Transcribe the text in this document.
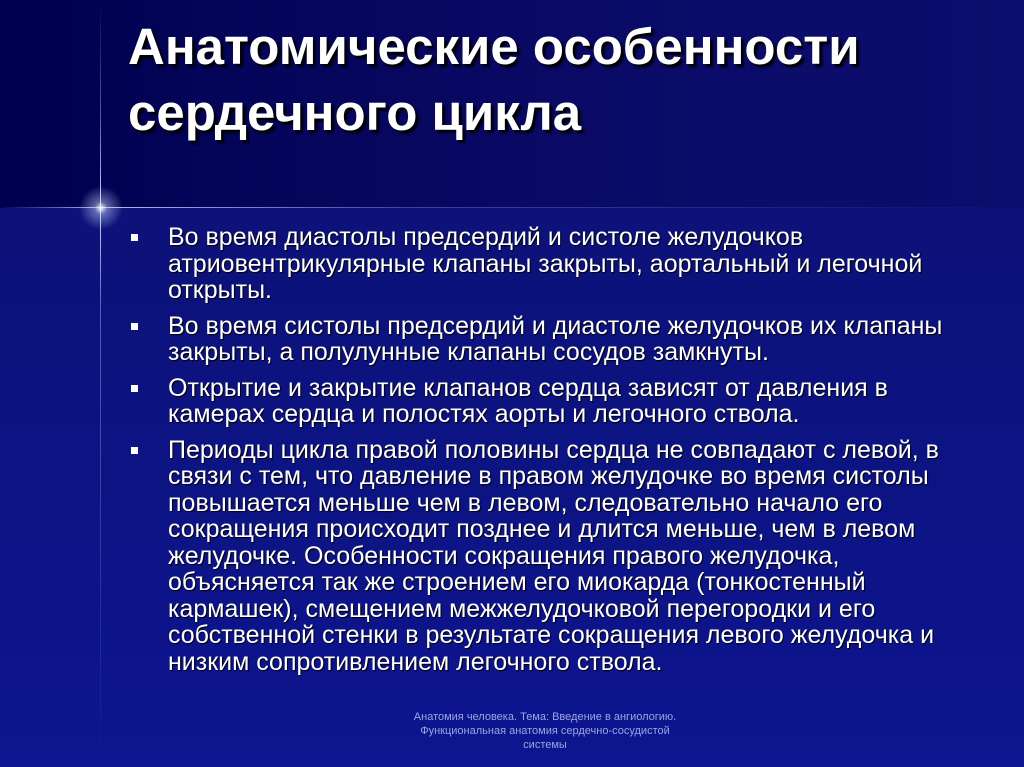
Анатомические особенности сердечного цикла
Во время диастолы предсердий и систоле желудочков атриовентрикулярные клапаны закрыты, аортальный и легочной открыты.
Во время систолы предсердий и диастоле желудочков их клапаны закрыты, а полулунные клапаны сосудов замкнуты.
Открытие и закрытие клапанов сердца зависят от давления в камерах сердца и полостях аорты и легочного ствола.
Периоды цикла правой половины сердца не совпадают с левой, в связи с тем, что давление в правом желудочке во время систолы повышается меньше чем в левом, следовательно начало его сокращения происходит позднее и длится меньше, чем в левом желудочке. Особенности сокращения правого желудочка, объясняется так же строением его миокарда (тонкостенный кармашек), смещением межжелудочковой перегородки и его собственной стенки в результате сокращения левого желудочка и низким сопротивлением легочного ствола.
Анатомия человека. Тема: Введение в ангиологию. Функциональная анатомия сердечно-сосудистой системы
